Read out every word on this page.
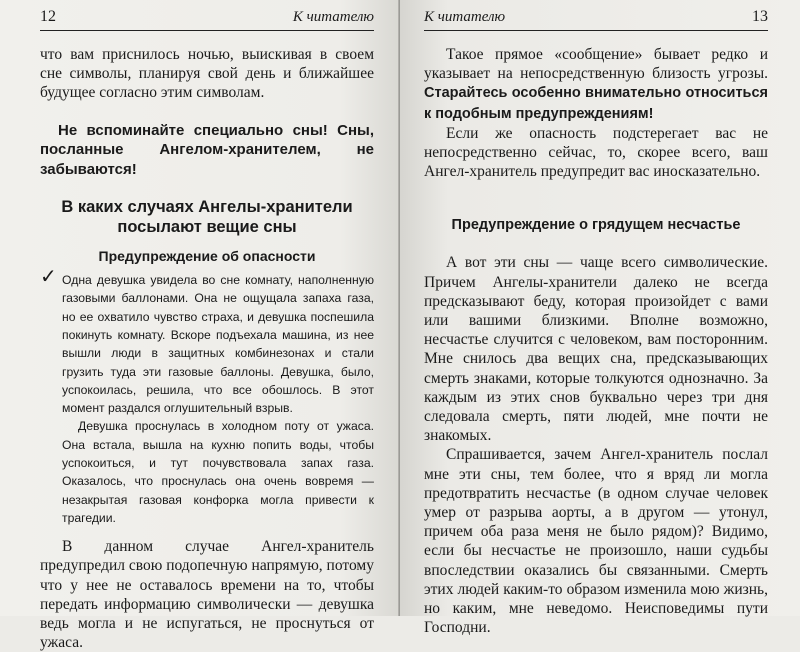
12	К читателю

что вам приснилось ночью, выискивая в своем сне символы, планируя свой день и ближайшее будущее согласно этим символам.

Не вспоминайте специально сны! Сны, посланные Ангелом-хранителем, не забываются!

В каких случаях Ангелы-хранители посылают вещие сны
Предупреждение об опасности
✓ Одна девушка увидела во сне комнату, наполненную газовыми баллонами. Она не ощущала запаха газа, но ее охватило чувство страха, и девушка поспешила покинуть комнату. Вскоре подъехала машина, из нее вышли люди в защитных комбинезонах и стали грузить туда эти газовые баллоны. Девушка, было, успокоилась, решила, что все обошлось. В этот момент раздался оглушительный взрыв.

Девушка проснулась в холодном поту от ужаса. Она встала, вышла на кухню попить воды, чтобы успокоиться, и тут почувствовала запах газа. Оказалось, что проснулась она очень вовремя — незакрытая газовая конфорка могла привести к трагедии.

В данном случае Ангел-хранитель предупредил свою подопечную напрямую, потому что у нее не оставалось времени на то, чтобы передать информацию символически — девушка ведь могла и не испугаться, не проснуться от ужаса.

К читателю	13

Такое прямое «сообщение» бывает редко и указывает на непосредственную близость угрозы. Старайтесь особенно внимательно относиться к подобным предупреждениям!

Если же опасность подстерегает вас не непосредственно сейчас, то, скорее всего, ваш Ангел-хранитель предупредит вас иносказательно.

Предупреждение о грядущем несчастье

А вот эти сны — чаще всего символические. Причем Ангелы-хранители далеко не всегда предсказывают беду, которая произойдет с вами или вашими близкими. Вполне возможно, несчастье случится с человеком, вам посторонним. Мне снилось два вещих сна, предсказывающих смерть знаками, которые толкуются однозначно. За каждым из этих снов буквально через три дня следовала смерть, пяти людей, мне почти не знакомых.

Спрашивается, зачем Ангел-хранитель послал мне эти сны, тем более, что я вряд ли могла предотвратить несчастье (в одном случае человек умер от разрыва аорты, а в другом — утонул, причем оба раза меня не было рядом)? Видимо, если бы несчастье не произошло, наши судьбы впоследствии оказались бы связанными. Смерть этих людей каким-то образом изменила мою жизнь, но каким, мне неведомо. Неисповедимы пути Господни.
